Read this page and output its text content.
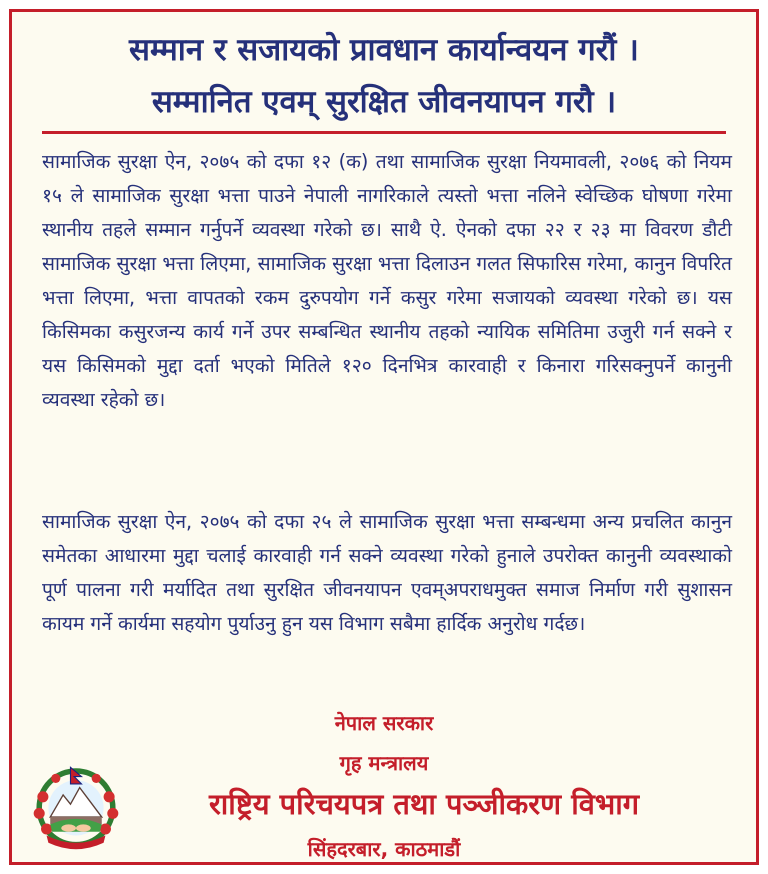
सम्मान र सजायको प्रावधान कार्यान्वयन गरौं ।
सम्मानित एवम् सुरक्षित जीवनयापन गरौ ।
सामाजिक सुरक्षा ऐन, २०७५ को दफा १२ (क) तथा सामाजिक सुरक्षा नियमावली, २०७६ को नियम १५ ले सामाजिक सुरक्षा भत्ता पाउने नेपाली नागरिकाले त्यस्तो भत्ता नलिने स्वेच्छिक घोषणा गरेमा स्थानीय तहले सम्मान गर्नुपर्ने व्यवस्था गरेको छ। साथै ऐ. ऐनको दफा २२ र २३ मा विवरण डौटी सामाजिक सुरक्षा भत्ता लिएमा, सामाजिक सुरक्षा भत्ता दिलाउन गलत सिफारिस गरेमा, कानुन विपरित भत्ता लिएमा, भत्ता वापतको रकम दुरुपयोग गर्ने कसुर गरेमा सजायको व्यवस्था गरेको छ। यस किसिमका कसुरजन्य कार्य गर्ने उपर सम्बन्धित स्थानीय तहको न्यायिक समितिमा उजुरी गर्न सक्ने र यस किसिमको मुद्दा दर्ता भएको मितिले १२० दिनभित्र कारवाही र किनारा गरिसक्नुपर्ने कानुनी व्यवस्था रहेको छ।
सामाजिक सुरक्षा ऐन, २०७५ को दफा २५ ले सामाजिक सुरक्षा भत्ता सम्बन्धमा अन्य प्रचलित कानुन समेतका आधारमा मुद्दा चलाई कारवाही गर्न सक्ने व्यवस्था गरेको हुनाले उपरोक्त कानुनी व्यवस्थाको पूर्ण पालना गरी मर्यादित तथा सुरक्षित जीवनयापन एवम्अपराधमुक्त समाज निर्माण गरी सुशासन कायम गर्ने कार्यमा सहयोग पुर्याउनु हुन यस विभाग सबैमा हार्दिक अनुरोध गर्दछ।
नेपाल सरकार
गृह मन्त्रालय
राष्ट्रिय परिचयपत्र तथा पञ्जीकरण विभाग
सिंहदरबार, काठमाडौं
